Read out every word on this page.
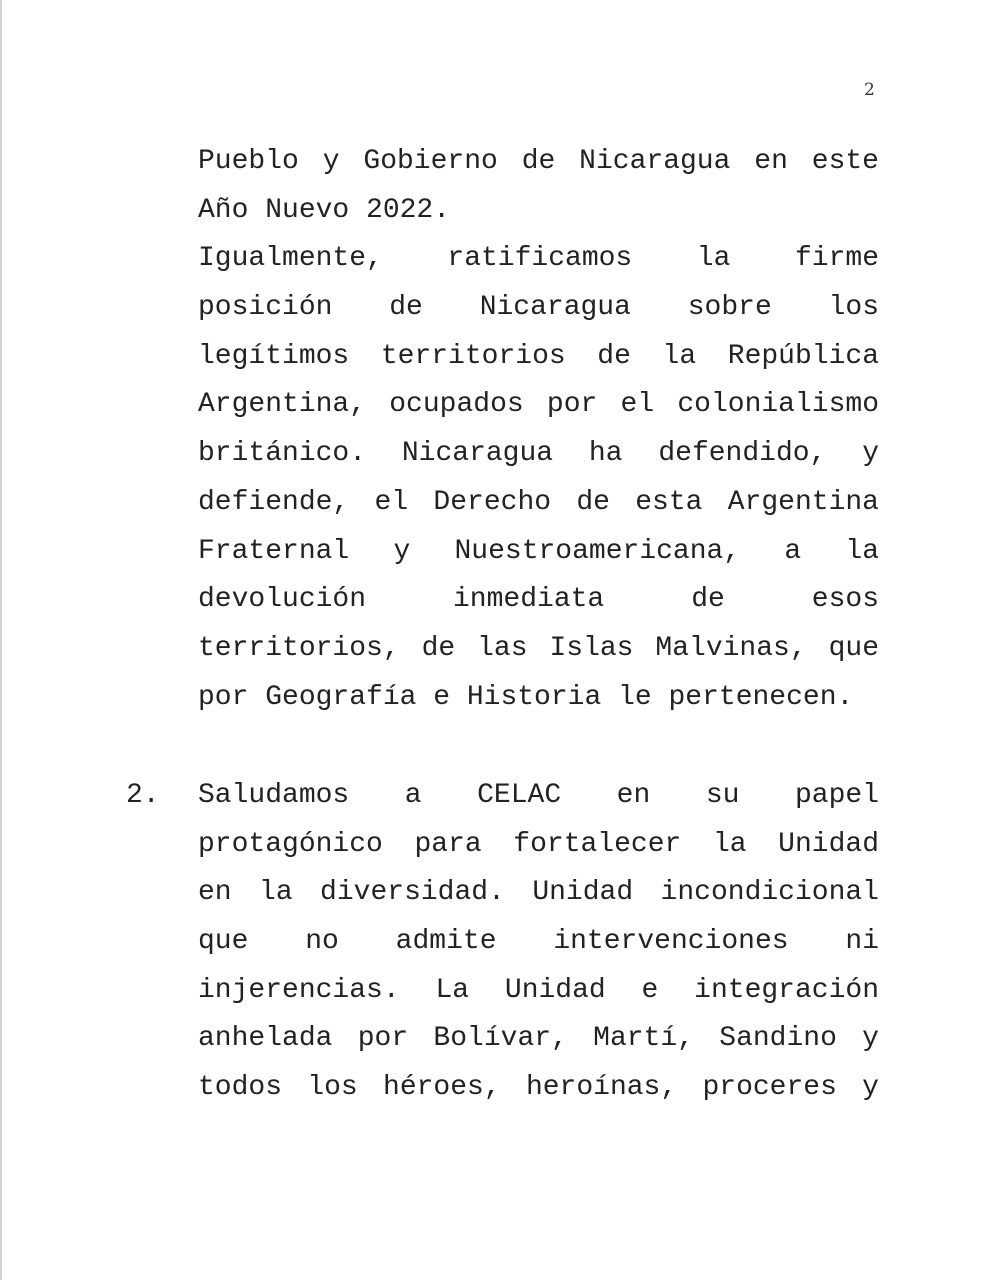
2
Pueblo y Gobierno de Nicaragua en este
Año Nuevo 2022.
Igualmente, ratificamos la firme
posición de Nicaragua sobre los
legítimos territorios de la República
Argentina, ocupados por el colonialismo
británico. Nicaragua ha defendido, y
defiende, el Derecho de esta Argentina
Fraternal y Nuestroamericana, a la
devolución inmediata de esos
territorios, de las Islas Malvinas, que
por Geografía e Historia le pertenecen.
2. Saludamos a CELAC en su papel
protagónico para fortalecer la Unidad
en la diversidad. Unidad incondicional
que no admite intervenciones ni
injerencias. La Unidad e integración
anhelada por Bolívar, Martí, Sandino y
todos los héroes, heroínas, proceres y
